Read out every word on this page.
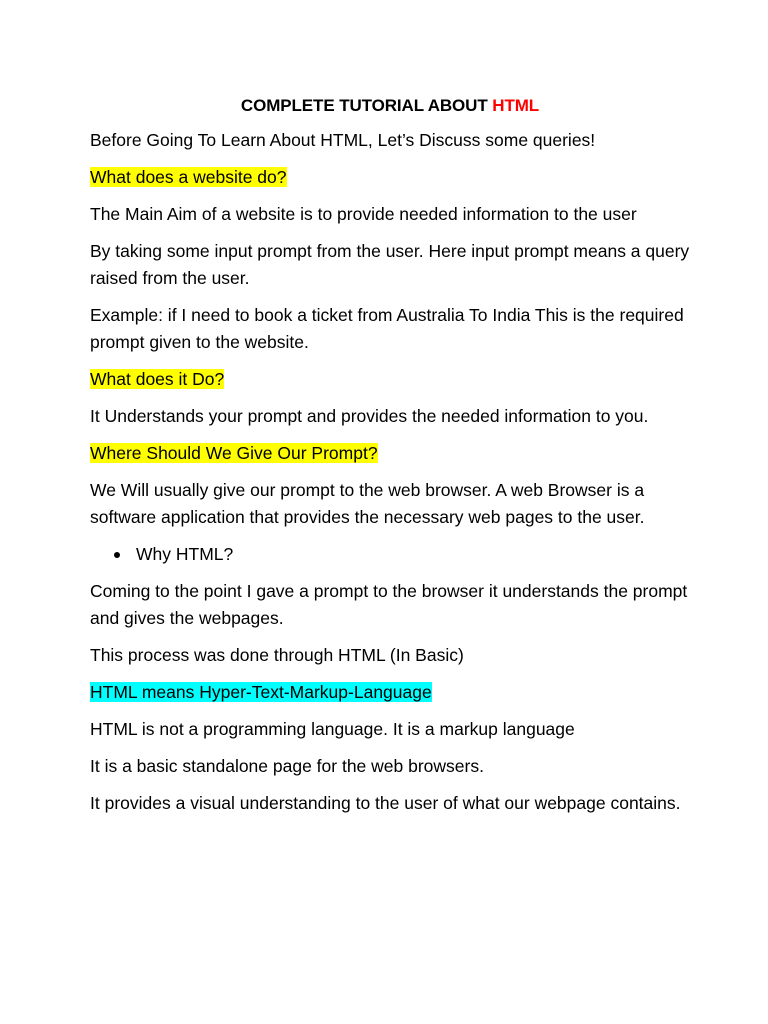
COMPLETE TUTORIAL ABOUT HTML

Before Going To Learn About HTML, Let’s Discuss some queries!

What does a website do?

The Main Aim of a website is to provide needed information to the user

By taking some input prompt from the user. Here input prompt means a query raised from the user.

Example: if I need to book a ticket from Australia To India This is the required prompt given to the website.

What does it Do?

It Understands your prompt and provides the needed information to you.

Where Should We Give Our Prompt?

We Will usually give our prompt to the web browser. A web Browser is a software application that provides the necessary web pages to the user.

Why HTML?

Coming to the point I gave a prompt to the browser it understands the prompt and gives the webpages.

This process was done through HTML (In Basic)

HTML means Hyper-Text-Markup-Language

HTML is not a programming language. It is a markup language

It is a basic standalone page for the web browsers.

It provides a visual understanding to the user of what our webpage contains.
